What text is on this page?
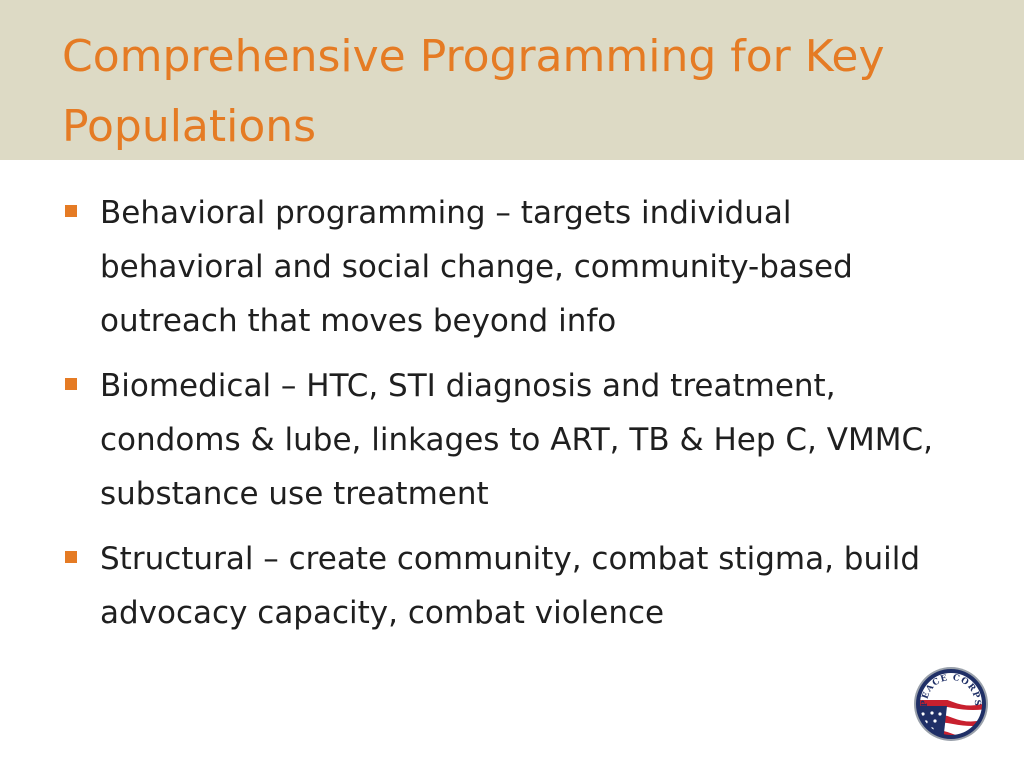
Comprehensive Programming for Key Populations
Behavioral programming – targets individual behavioral and social change, community-based outreach that moves beyond info
Biomedical – HTC, STI diagnosis and treatment, condoms & lube, linkages to ART, TB & Hep C, VMMC, substance use treatment
Structural – create community, combat stigma, build advocacy capacity, combat violence
PEACE CORPS
